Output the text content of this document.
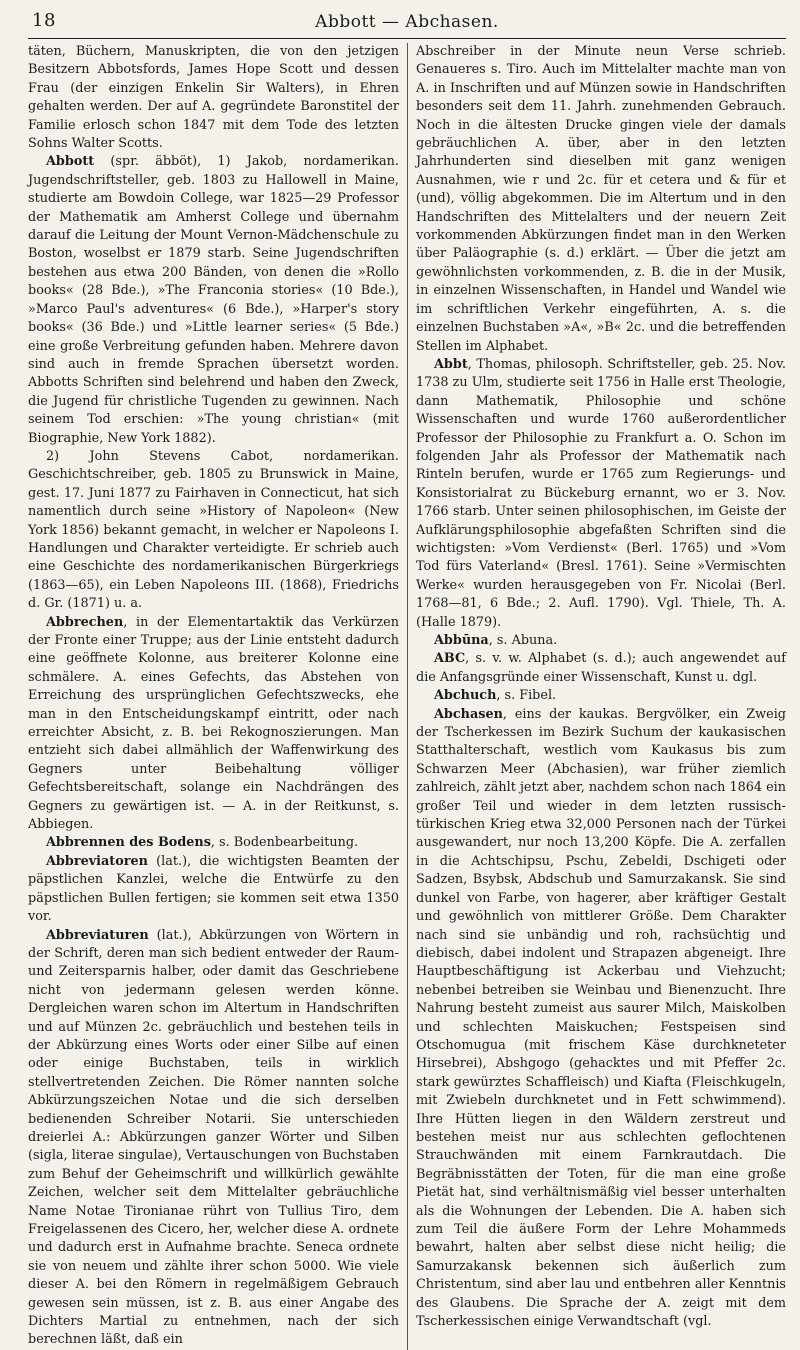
18	Abbott — Abchasen.

täten, Büchern, Manuskripten, die von den jetzigen Besitzern Abbotsfords, James Hope Scott und dessen Frau (der einzigen Enkelin Sir Walters), in Ehren gehalten werden. Der auf A. gegründete Baronstitel der Familie erlosch schon 1847 mit dem Tode des letzten Sohns Walter Scotts.

Abbott (spr. äbböt), 1) Jakob, nordamerikan. Jugendschriftsteller, geb. 1803 zu Hallowell in Maine, studierte am Bowdoin College, war 1825—29 Professor der Mathematik am Amherst College und übernahm darauf die Leitung der Mount Vernon-Mädchenschule zu Boston, woselbst er 1879 starb. Seine Jugendschriften bestehen aus etwa 200 Bänden, von denen die »Rollo books« (28 Bde.), »The Franconia stories« (10 Bde.), »Marco Paul's adventures« (6 Bde.), »Harper's story books« (36 Bde.) und »Little learner series« (5 Bde.) eine große Verbreitung gefunden haben. Mehrere davon sind auch in fremde Sprachen übersetzt worden. Abbotts Schriften sind belehrend und haben den Zweck, die Jugend für christliche Tugenden zu gewinnen. Nach seinem Tod erschien: »The young christian« (mit Biographie, New York 1882).

2) John Stevens Cabot, nordamerikan. Geschichtschreiber, geb. 1805 zu Brunswick in Maine, gest. 17. Juni 1877 zu Fairhaven in Connecticut, hat sich namentlich durch seine »History of Napoleon« (New York 1856) bekannt gemacht, in welcher er Napoleons I. Handlungen und Charakter verteidigte. Er schrieb auch eine Geschichte des nordamerikanischen Bürgerkriegs (1863—65), ein Leben Napoleons III. (1868), Friedrichs d. Gr. (1871) u. a.

Abbrechen, in der Elementartaktik das Verkürzen der Fronte einer Truppe; aus der Linie entsteht dadurch eine geöffnete Kolonne, aus breiterer Kolonne eine schmälere. A. eines Gefechts, das Abstehen von Erreichung des ursprünglichen Gefechtszwecks, ehe man in den Entscheidungskampf eintritt, oder nach erreichter Absicht, z. B. bei Rekognoszierungen. Man entzieht sich dabei allmählich der Waffenwirkung des Gegners unter Beibehaltung völliger Gefechtsbereitschaft, solange ein Nachdrängen des Gegners zu gewärtigen ist. — A. in der Reitkunst, s. Abbiegen.

Abbrennen des Bodens, s. Bodenbearbeitung.

Abbreviatoren (lat.), die wichtigsten Beamten der päpstlichen Kanzlei, welche die Entwürfe zu den päpstlichen Bullen fertigen; sie kommen seit etwa 1350 vor.

Abbreviaturen (lat.), Abkürzungen von Wörtern in der Schrift, deren man sich bedient entweder der Raum- und Zeitersparnis halber, oder damit das Geschriebene nicht von jedermann gelesen werden könne. Dergleichen waren schon im Altertum in Handschriften und auf Münzen 2c. gebräuchlich und bestehen teils in der Abkürzung eines Worts oder einer Silbe auf einen oder einige Buchstaben, teils in wirklich stellvertretenden Zeichen. Die Römer nannten solche Abkürzungszeichen Notae und die sich derselben bedienenden Schreiber Notarii. Sie unterschieden dreierlei A.: Abkürzungen ganzer Wörter und Silben (sigla, literae singulae), Vertauschungen von Buchstaben zum Behuf der Geheimschrift und willkürlich gewählte Zeichen, welcher seit dem Mittelalter gebräuchliche Name Notae Tironianae rührt von Tullius Tiro, dem Freigelassenen des Cicero, her, welcher diese A. ordnete und dadurch erst in Aufnahme brachte. Seneca ordnete sie von neuem und zählte ihrer schon 5000. Wie viele dieser A. bei den Römern in regelmäßigem Gebrauch gewesen sein müssen, ist z. B. aus einer Angabe des Dichters Martial zu entnehmen, nach der sich berechnen läßt, daß ein

Abschreiber in der Minute neun Verse schrieb. Genaueres s. Tiro. Auch im Mittelalter machte man von A. in Inschriften und auf Münzen sowie in Handschriften besonders seit dem 11. Jahrh. zunehmenden Gebrauch. Noch in die ältesten Drucke gingen viele der damals gebräuchlichen A. über, aber in den letzten Jahrhunderten sind dieselben mit ganz wenigen Ausnahmen, wie r und 2c. für et cetera und & für et (und), völlig abgekommen. Die im Altertum und in den Handschriften des Mittelalters und der neuern Zeit vorkommenden Abkürzungen findet man in den Werken über Paläographie (s. d.) erklärt. — Über die jetzt am gewöhnlichsten vorkommenden, z. B. die in der Musik, in einzelnen Wissenschaften, in Handel und Wandel wie im schriftlichen Verkehr eingeführten, A. s. die einzelnen Buchstaben »A«, »B« 2c. und die betreffenden Stellen im Alphabet.

Abbt, Thomas, philosoph. Schriftsteller, geb. 25. Nov. 1738 zu Ulm, studierte seit 1756 in Halle erst Theologie, dann Mathematik, Philosophie und schöne Wissenschaften und wurde 1760 außerordentlicher Professor der Philosophie zu Frankfurt a. O. Schon im folgenden Jahr als Professor der Mathematik nach Rinteln berufen, wurde er 1765 zum Regierungs- und Konsistorialrat zu Bückeburg ernannt, wo er 3. Nov. 1766 starb. Unter seinen philosophischen, im Geiste der Aufklärungsphilosophie abgefaßten Schriften sind die wichtigsten: »Vom Verdienst« (Berl. 1765) und »Vom Tod fürs Vaterland« (Bresl. 1761). Seine »Vermischten Werke« wurden herausgegeben von Fr. Nicolai (Berl. 1768—81, 6 Bde.; 2. Aufl. 1790). Vgl. Thiele, Th. A. (Halle 1879).

Abbūna, s. Abuna.

ABC, s. v. w. Alphabet (s. d.); auch angewendet auf die Anfangsgründe einer Wissenschaft, Kunst u. dgl.

Abchuch, s. Fibel.

Abchasen, eins der kaukas. Bergvölker, ein Zweig der Tscherkessen im Bezirk Suchum der kaukasischen Statthalterschaft, westlich vom Kaukasus bis zum Schwarzen Meer (Abchasien), war früher ziemlich zahlreich, zählt jetzt aber, nachdem schon nach 1864 ein großer Teil und wieder in dem letzten russisch-türkischen Krieg etwa 32,000 Personen nach der Türkei ausgewandert, nur noch 13,200 Köpfe. Die A. zerfallen in die Achtschipsu, Pschu, Zebeldi, Dschigeti oder Sadzen, Bsybsk, Abdschub und Samurzakansk. Sie sind dunkel von Farbe, von hagerer, aber kräftiger Gestalt und gewöhnlich von mittlerer Größe. Dem Charakter nach sind sie unbändig und roh, rachsüchtig und diebisch, dabei indolent und Strapazen abgeneigt. Ihre Hauptbeschäftigung ist Ackerbau und Viehzucht; nebenbei betreiben sie Weinbau und Bienenzucht. Ihre Nahrung besteht zumeist aus saurer Milch, Maiskolben und schlechten Maiskuchen; Festspeisen sind Otschomugua (mit frischem Käse durchkneteter Hirsebrei), Abshgogo (gehacktes und mit Pfeffer 2c. stark gewürztes Schaffleisch) und Kiafta (Fleischkugeln, mit Zwiebeln durchknetet und in Fett schwimmend). Ihre Hütten liegen in den Wäldern zerstreut und bestehen meist nur aus schlechten geflochtenen Strauchwänden mit einem Farnkrautdach. Die Begräbnisstätten der Toten, für die man eine große Pietät hat, sind verhältnismäßig viel besser unterhalten als die Wohnungen der Lebenden. Die A. haben sich zum Teil die äußere Form der Lehre Mohammeds bewahrt, halten aber selbst diese nicht heilig; die Samurzakansk bekennen sich äußerlich zum Christentum, sind aber lau und entbehren aller Kenntnis des Glaubens. Die Sprache der A. zeigt mit dem Tscherkessischen einige Verwandtschaft (vgl.
